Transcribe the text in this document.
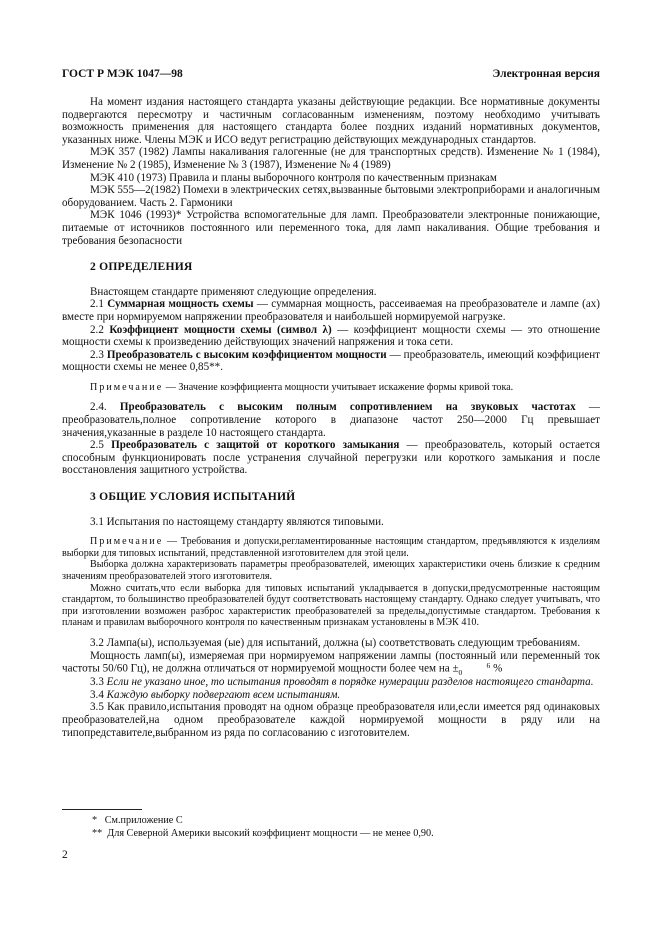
ГОСТ Р МЭК 1047—98	Электронная версия

На момент издания настоящего стандарта указаны действующие редакции. Все нормативные документы подвергаются пересмотру и частичным согласованным изменениям, поэтому необходимо учитывать возможность применения для настоящего стандарта более поздних изданий нормативных документов, указанных ниже. Члены МЭК и ИСО ведут регистрацию действующих международных стандартов.

МЭК 357 (1982) Лампы накаливания галогенные (не для транспортных средств). Изменение № 1 (1984), Изменение № 2 (1985), Изменение № 3 (1987), Изменение № 4 (1989)

МЭК 410 (1973) Правила и планы выборочного контроля по качественным признакам

МЭК 555—2(1982) Помехи в электрических сетях,вызванные бытовыми электроприборами и аналогичным оборудованием. Часть 2. Гармоники

МЭК 1046 (1993)* Устройства вспомогательные для ламп. Преобразователи электронные понижающие, питаемые от источников постоянного или переменного тока, для ламп накаливания. Общие требования и требования безопасности

2 ОПРЕДЕЛЕНИЯ

Внастоящем стандарте применяют следующие определения.

2.1 Суммарная мощность схемы — суммарная мощность, рассеиваемая на преобразователе и лампе (ах) вместе при нормируемом напряжении преобразователя и наибольшей нормируемой нагрузке.

2.2 Коэффициент мощности схемы (символ λ) — коэффициент мощности схемы — это отношение мощности схемы к произведению действующих значений напряжения и тока сети.

2.3 Преобразователь с высоким коэффициентом мощности — преобразователь, имеющий коэффициент мощности схемы не менее 0,85**.

Примечание — Значение коэффициента мощности учитывает искажение формы кривой тока.

2.4. Преобразователь с высоким полным сопротивлением на звуковых частотах — преобразователь,полное сопротивление которого в диапазоне частот 250—2000 Гц превышает значения,указанные в разделе 10 настоящего стандарта.

2.5 Преобразователь с защитой от короткого замыкания — преобразователь, который остается способным функционировать после устранения случайной перегрузки или короткого замыкания и после восстановления защитного устройства.

3 ОБЩИЕ УСЛОВИЯ ИСПЫТАНИЙ

3.1 Испытания по настоящему стандарту являются типовыми.

Примечание — Требования и допуски,регламентированные настоящим стандартом, предъявляются к изделиям выборки для типовых испытаний, представленной изготовителем для этой цели.

Выборка должна характеризовать параметры преобразователей, имеющих характеристики очень близкие к средним значениям преобразователей этого изготовителя.

Можно считать,что если выборка для типовых испытаний укладывается в допуски,предусмотренные настоящим стандартом, то большинство преобразователей будут соответствовать настоящему стандарту. Однако следует учитывать, что при изготовлении возможен разброс характеристик преобразователей за пределы,допустимые стандартом. Требования к планам и правилам выборочного контроля по качественным признакам установлены в МЭК 410.

3.2 Лампа(ы), используемая (ые) для испытаний, должна (ы) соответствовать следующим требованиям.

Мощность ламп(ы), измеряемая при нормируемом напряжении лампы (постоянный или переменный ток частоты 50/60 Гц), не должна отличаться от нормируемой мощности более чем на ±	6
0	%

3.3 Если не указано иное, то испытания проводят в порядке нумерации разделов настоящего стандарта.

3.4 Каждую выборку подвергают всем испытаниям.

3.5 Как правило,испытания проводят на одном образце преобразователя или,если имеется ряд одинаковых преобразователей,на одном преобразователе каждой нормируемой мощности в ряду или на типопредставителе,выбранном из ряда по согласованию с изготовителем.

*   См.приложение С
**  Для Северной Америки высокий коэффициент мощности — не менее 0,90.
2
